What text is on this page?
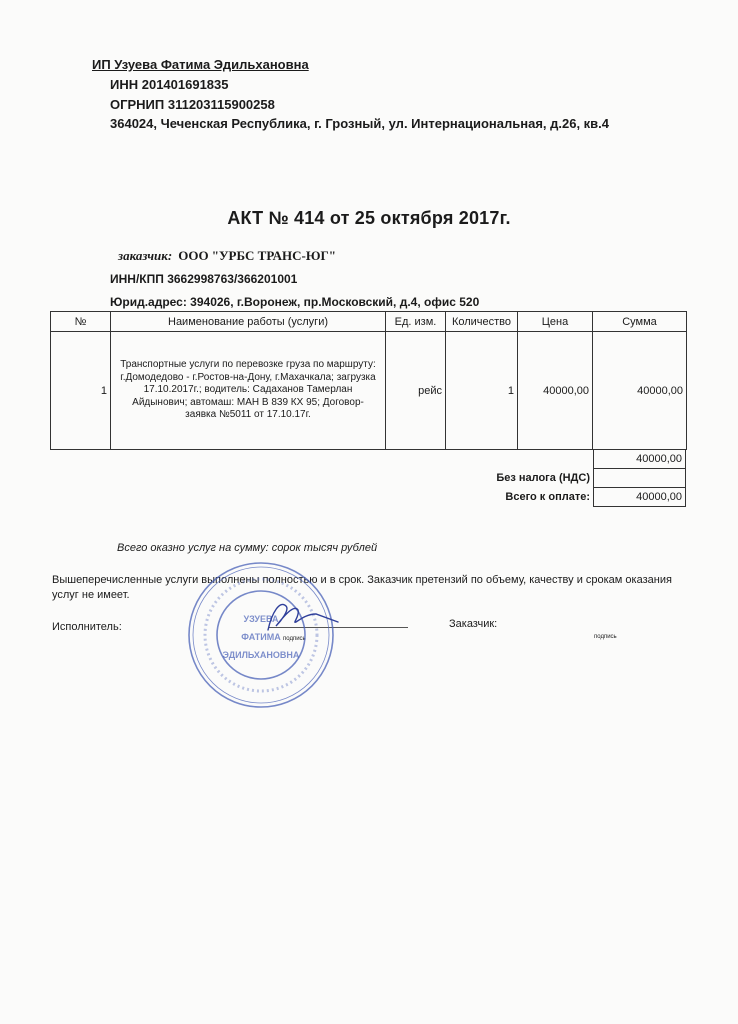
ИП Узуева Фатима Эдильхановна
ИНН 201401691835
ОГРНИП 311203115900258
364024, Чеченская Республика, г. Грозный, ул. Интернациональная, д.26, кв.4
АКТ № 414 от 25 октября 2017г.
заказчик: ООО "УРБС ТРАНС-ЮГ"
ИНН/КПП 3662998763/366201001
Юрид.адрес: 394026, г.Воронеж, пр.Московский, д.4, офис 520
№	Наименование работы (услуги)	Ед. изм.	Количество	Цена	Сумма
1	Транспортные услуги по перевозке груза по маршруту: г.Домодедово - г.Ростов-на-Дону, г.Махачкала; загрузка 17.10.2017г.; водитель: Садаханов Тамерлан Айдынович; автомаш: МАН В 839 КХ 95; Договор-заявка №5011 от 17.10.17г.	рейс	1	40000,00	40000,00
	40000,00
Без налога (НДС)	
Всего к оплате:	40000,00
Всего оказно услуг на сумму: сорок тысяч рублей
Вышеперечисленные услуги выполнены полностью и в срок. Заказчик претензий по объему, качеству и срокам оказания услуг не имеет.
Исполнитель:	Заказчик:
подпись
подпись
УЗУЕВА
ФАТИМА
ЭДИЛЬХАНОВНА
